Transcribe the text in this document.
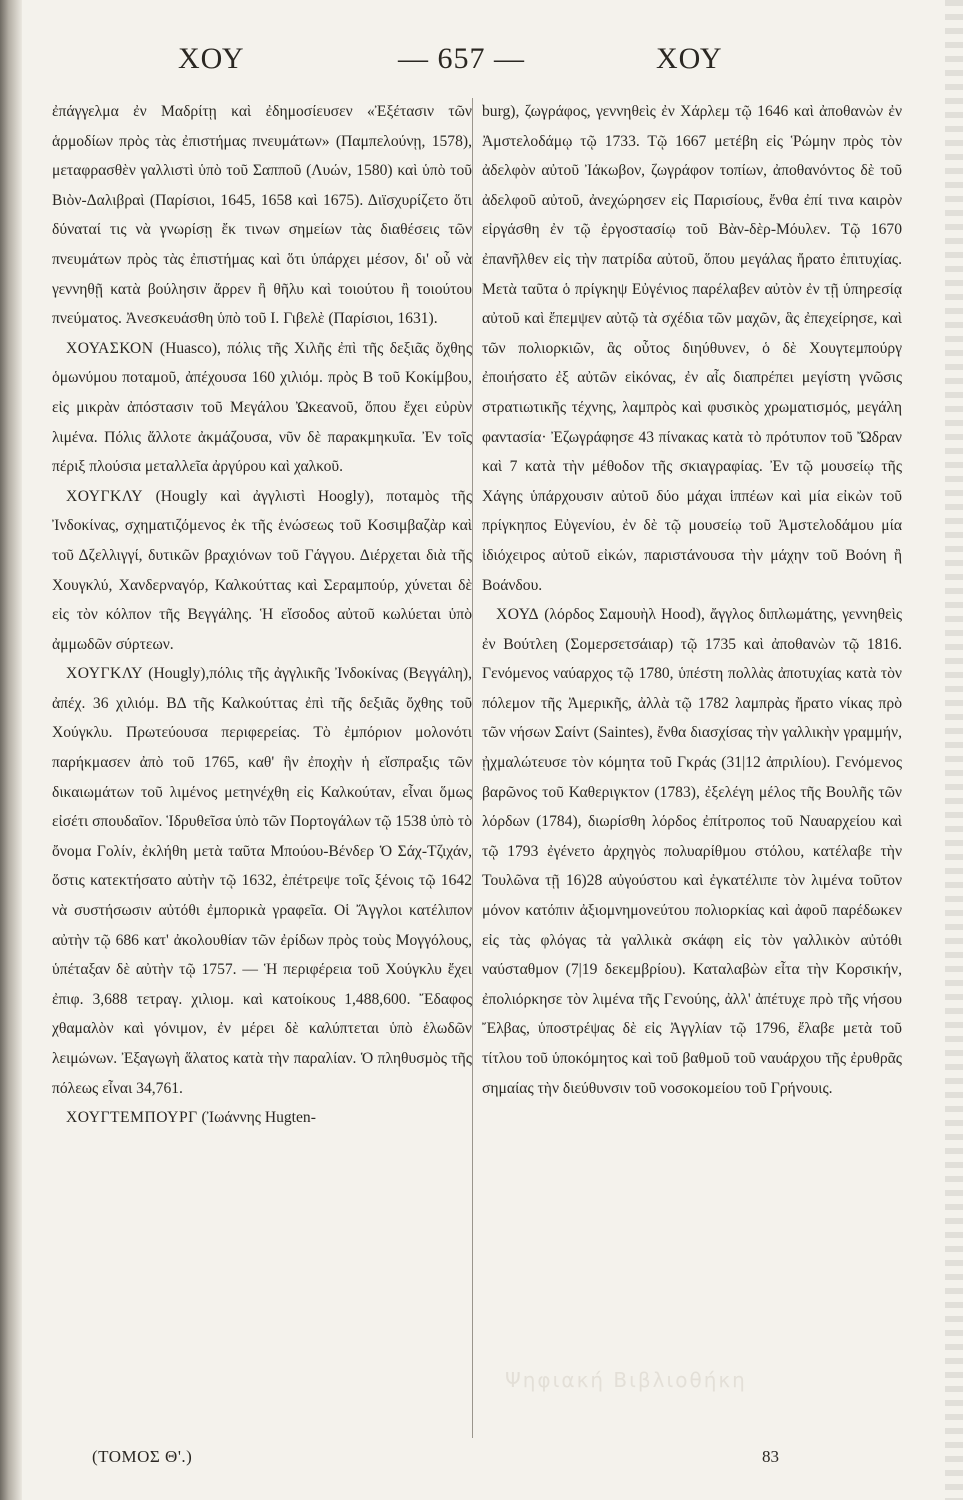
ΧΟΥ	— 657 —	ΧΟΥ

ἐπάγγελμα ἐν Μαδρίτῃ καὶ ἐδημοσίευσεν «Ἐξέτασιν τῶν ἁρμοδίων πρὸς τὰς ἐπιστήμας πνευμάτων» (Παμπελούνῃ, 1578), μεταφρασθὲν γαλλιστὶ ὑπὸ τοῦ Σαπποῦ (Λυών, 1580) καὶ ὑπὸ τοῦ Βιὸν-Δαλιβραὶ (Παρίσιοι, 1645, 1658 καὶ 1675). Διϊσχυρίζετο ὅτι δύναταί τις νὰ γνωρίσῃ ἔκ τινων σημείων τὰς διαθέσεις τῶν πνευμάτων πρὸς τὰς ἐπιστήμας καὶ ὅτι ὑπάρχει μέσον, δι' οὗ νὰ γεννηθῇ κατὰ βούλησιν ἄρρεν ἢ θῆλυ καὶ τοιούτου ἢ τοιούτου πνεύματος. Ἀνεσκευάσθη ὑπὸ τοῦ Ι. Γιβελὲ (Παρίσιοι, 1631).

ΧΟΥΑΣΚΟΝ (Huasco), πόλις τῆς Χιλῆς ἐπὶ τῆς δεξιᾶς ὄχθης ὁμωνύμου ποταμοῦ, ἀπέχουσα 160 χιλιόμ. πρὸς Β τοῦ Κοκίμβου, εἰς μικρὰν ἀπόστασιν τοῦ Μεγάλου Ὠκεανοῦ, ὅπου ἔχει εὐρὺν λιμένα. Πόλις ἄλλοτε ἀκμάζουσα, νῦν δὲ παρακμηκυῖα. Ἐν τοῖς πέριξ πλούσια μεταλλεῖα ἀργύρου καὶ χαλκοῦ.

ΧΟΥΓΚΛΥ (Hougly καὶ ἀγγλιστὶ Hoogly), ποταμὸς τῆς Ἰνδοκίνας, σχηματιζόμενος ἐκ τῆς ἑνώσεως τοῦ Κοσιμβαζὰρ καὶ τοῦ Δζελλιγγί, δυτικῶν βραχιόνων τοῦ Γάγγου. Διέρχεται διὰ τῆς Χουγκλύ, Χανδερναγόρ, Καλκούττας καὶ Σεραμπούρ, χύνεται δὲ εἰς τὸν κόλπον τῆς Βεγγάλης. Ἡ εἴσοδος αὐτοῦ κωλύεται ὑπὸ ἀμμωδῶν σύρτεων.

ΧΟΥΓΚΛΥ (Hougly),πόλις τῆς ἀγγλικῆς Ἰνδοκίνας (Βεγγάλη), ἀπέχ. 36 χιλιόμ. ΒΔ τῆς Καλκούττας ἐπὶ τῆς δεξιᾶς ὄχθης τοῦ Χούγκλυ. Πρωτεύουσα περιφερείας. Τὸ ἐμπόριον μολονότι παρήκμασεν ἀπὸ τοῦ 1765, καθ' ἣν ἐποχὴν ἡ εἴσπραξις τῶν δικαιωμάτων τοῦ λιμένος μετηνέχθη εἰς Καλκούταν, εἶναι ὅμως εἰσέτι σπουδαῖον. Ἱδρυθεῖσα ὑπὸ τῶν Πορτογάλων τῷ 1538 ὑπὸ τὸ ὄνομα Γολίν, ἐκλήθη μετὰ ταῦτα Μπούου-Βένδερ Ὁ Σάχ-Τζιχάν, ὅστις κατεκτήσατο αὐτὴν τῷ 1632, ἐπέτρεψε τοῖς ξένοις τῷ 1642 νὰ συστήσωσιν αὐτόθι ἐμπορικὰ γραφεῖα. Οἱ Ἄγγλοι κατέλιπον αὐτὴν τῷ 686 κατ' ἀκολουθίαν τῶν ἐρίδων πρὸς τοὺς Μογγόλους, ὑπέταξαν δὲ αὐτὴν τῷ 1757. — Ἡ περιφέρεια τοῦ Χούγκλυ ἔχει ἐπιφ. 3,688 τετραγ. χιλιομ. καὶ κατοίκους 1,488,600. Ἔδαφος χθαμαλὸν καὶ γόνιμον, ἐν μέρει δὲ καλύπτεται ὑπὸ ἑλωδῶν λειμώνων. Ἐξαγωγὴ ἅλατος κατὰ τὴν παραλίαν. Ὁ πληθυσμὸς τῆς πόλεως εἶναι 34,761.

ΧΟΥΓΤΕΜΠΟΥΡΓ (Ἰωάννης Hugten-

burg), ζωγράφος, γεννηθεὶς ἐν Χάρλεμ τῷ 1646 καὶ ἀποθανὼν ἐν Ἀμστελοδάμῳ τῷ 1733. Τῷ 1667 μετέβη εἰς Ῥώμην πρὸς τὸν ἀδελφὸν αὐτοῦ Ἰάκωβον, ζωγράφον τοπίων, ἀποθανόντος δὲ τοῦ ἀδελφοῦ αὐτοῦ, ἀνεχώρησεν εἰς Παρισίους, ἔνθα ἐπί τινα καιρὸν εἰργάσθη ἐν τῷ ἐργοστασίῳ τοῦ Βὰν-δὲρ-Μόυλεν. Τῷ 1670 ἐπανῆλθεν εἰς τὴν πατρίδα αὐτοῦ, ὅπου μεγάλας ἤρατο ἐπιτυχίας. Μετὰ ταῦτα ὁ πρίγκηψ Εὐγένιος παρέλαβεν αὐτὸν ἐν τῇ ὑπηρεσίᾳ αὐτοῦ καὶ ἔπεμψεν αὐτῷ τὰ σχέδια τῶν μαχῶν, ἃς ἐπεχείρησε, καὶ τῶν πολιορκιῶν, ἃς οὗτος διηύθυνεν, ὁ δὲ Χουγτεμπούργ ἐποιήσατο ἐξ αὐτῶν εἰκόνας, ἐν αἷς διαπρέπει μεγίστη γνῶσις στρατιωτικῆς τέχνης, λαμπρὸς καὶ φυσικὸς χρωματισμός, μεγάλη φαντασία· Ἐζωγράφησε 43 πίνακας κατὰ τὸ πρότυπον τοῦ Ὤδραν καὶ 7 κατὰ τὴν μέθοδον τῆς σκιαγραφίας. Ἐν τῷ μουσείῳ τῆς Χάγης ὑπάρχουσιν αὐτοῦ δύο μάχαι ἱππέων καὶ μία εἰκὼν τοῦ πρίγκηπος Εὐγενίου, ἐν δὲ τῷ μουσείῳ τοῦ Ἀμστελοδάμου μία ἰδιόχειρος αὐτοῦ εἰκών, παριστάνουσα τὴν μάχην τοῦ Βοόνη ἢ Βοάνδου.

ΧΟΥΔ (λόρδος Σαμουὴλ Hood), ἄγγλος διπλωμάτης, γεννηθεὶς ἐν Βούτλεη (Σομερσετσάιαρ) τῷ 1735 καὶ ἀποθανὼν τῷ 1816. Γενόμενος ναύαρχος τῷ 1780, ὑπέστη πολλὰς ἀποτυχίας κατὰ τὸν πόλεμον τῆς Ἀμερικῆς, ἀλλὰ τῷ 1782 λαμπρὰς ἤρατο νίκας πρὸ τῶν νήσων Σαίντ (Saintes), ἔνθα διασχίσας τὴν γαλλικὴν γραμμήν, ᾐχμαλώτευσε τὸν κόμητα τοῦ Γκράς (31|12 ἀπριλίου). Γενόμενος βαρῶνος τοῦ Καθεριγκτον (1783), ἐξελέγη μέλος τῆς Βουλῆς τῶν λόρδων (1784), διωρίσθη λόρδος ἐπίτροπος τοῦ Ναυαρχείου καὶ τῷ 1793 ἐγένετο ἀρχηγὸς πολυαρίθμου στόλου, κατέλαβε τὴν Τουλῶνα τῇ 16)28 αὐγούστου καὶ ἐγκατέλιπε τὸν λιμένα τοῦτον μόνον κατόπιν ἀξιομνημονεύτου πολιορκίας καὶ ἀφοῦ παρέδωκεν εἰς τὰς φλόγας τὰ γαλλικὰ σκάφη εἰς τὸν γαλλικὸν αὐτόθι ναύσταθμον (7|19 δεκεμβρίου). Καταλαβὼν εἶτα τὴν Κορσικήν, ἐπολιόρκησε τὸν λιμένα τῆς Γενούης, ἀλλ' ἀπέτυχε πρὸ τῆς νήσου Ἔλβας, ὑποστρέψας δὲ εἰς Ἀγγλίαν τῷ 1796, ἔλαβε μετὰ τοῦ τίτλου τοῦ ὑποκόμητος καὶ τοῦ βαθμοῦ τοῦ ναυάρχου τῆς ἐρυθρᾶς σημαίας τὴν διεύθυνσιν τοῦ νοσοκομείου τοῦ Γρήνουις.

Ψηφιακή Βιβλιοθήκη
(ΤΟΜΟΣ Θ'.)	83
